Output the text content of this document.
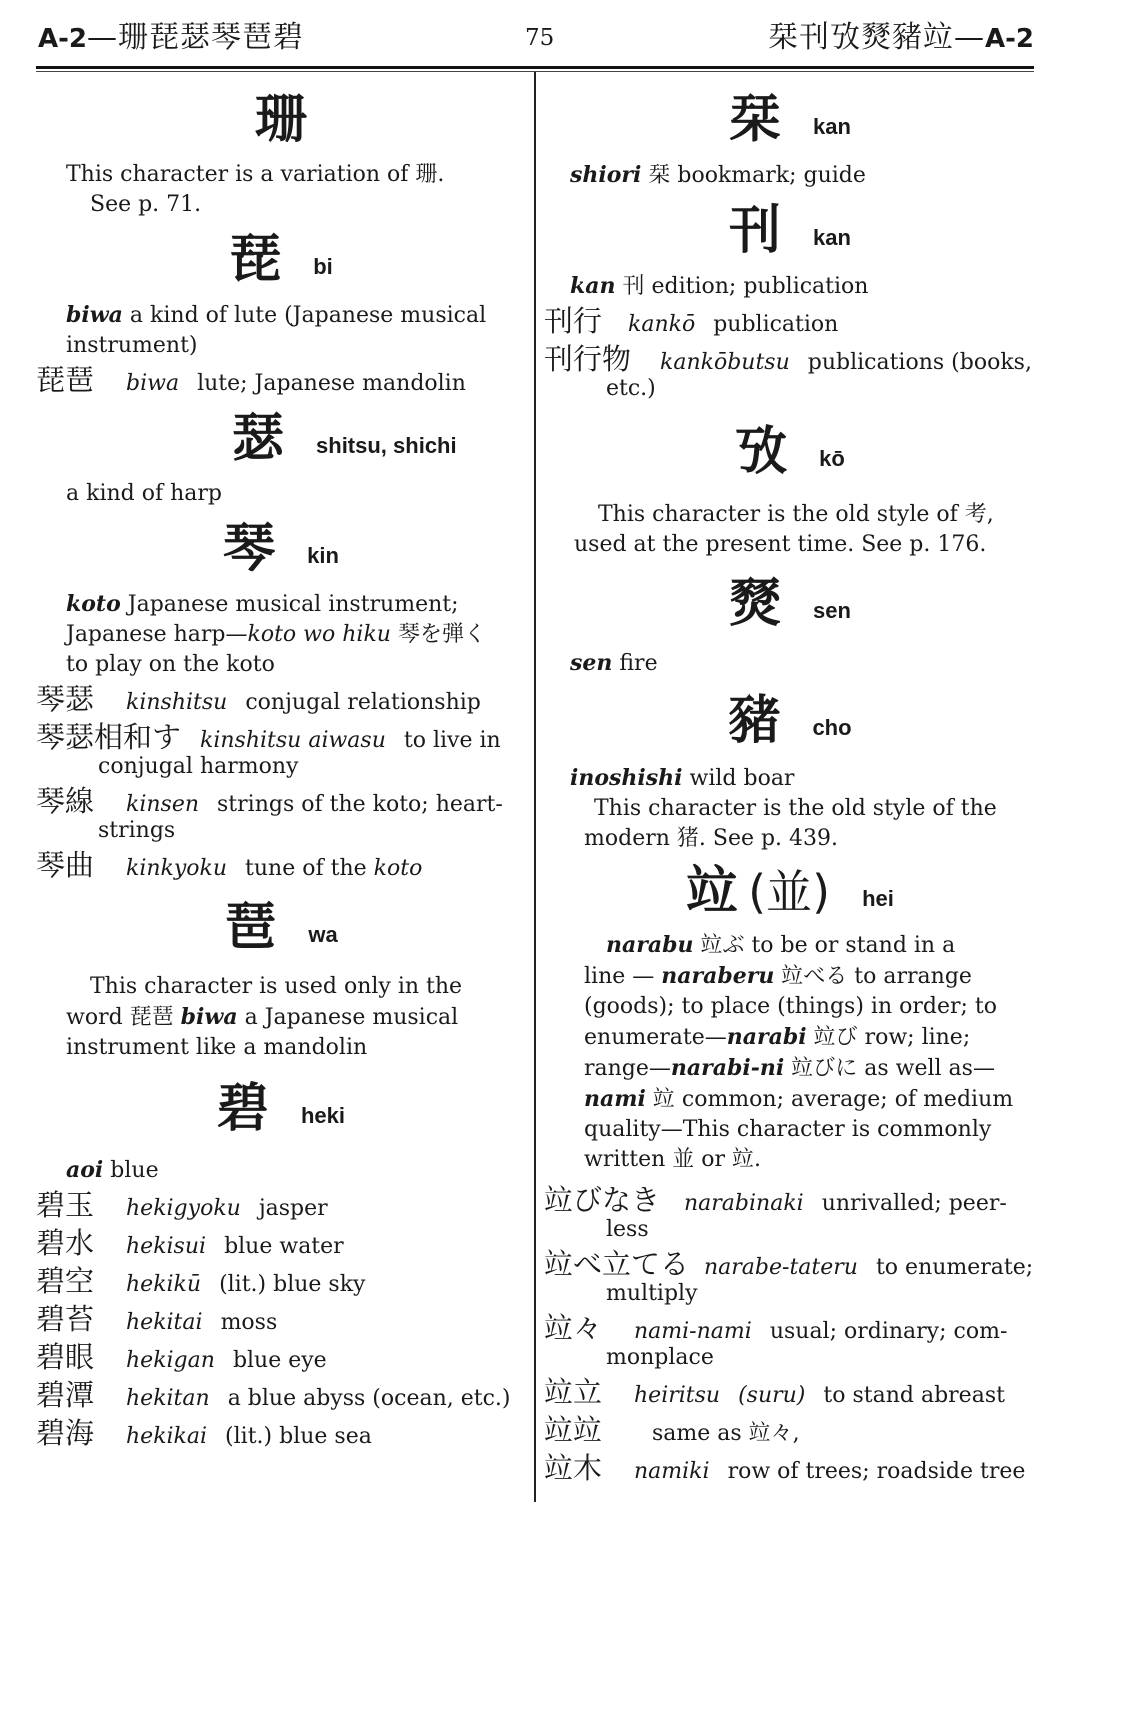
A-2—珊琵瑟琴琶碧	75	栞刊攷燹豬竝—A-2
珊

This character is a variation of 珊.

See p. 71.

琵 bi

biwa a kind of lute (Japanese musical

instrument)

琵琶	biwa lute; Japanese mandolin
瑟 shitsu, shichi

a kind of harp

琴 kin

koto Japanese musical instrument;

Japanese harp—koto wo hiku 琴を弾く

to play on the koto

琴瑟	kinshitsu conjugal relationship
琴瑟相和す kinshitsu aiwasu to live in

conjugal harmony

琴線	kinsen strings of the koto; heart-

strings

琴曲	kinkyoku tune of the koto
琶 wa

This character is used only in the

word 琵琶 biwa a Japanese musical

instrument like a mandolin

碧 heki

aoi blue

碧玉	hekigyoku jasper
碧水	hekisui blue water
碧空	hekikū (lit.) blue sky
碧苔	hekitai moss
碧眼	hekigan blue eye
碧潭	hekitan a blue abyss (ocean, etc.)
碧海	hekikai (lit.) blue sea
栞 kan

shiori 栞 bookmark; guide

刊 kan

kan 刊 edition; publication

刊行	kankō publication
刊行物	kankōbutsu publications (books,

etc.)

攷 kō

This character is the old style of 考,

used at the present time. See p. 176.

燹 sen

sen fire

豬 cho

inoshishi wild boar

This character is the old style of the

modern 猪. See p. 439.

竝 (並) hei

narabu 竝ぶ to be or stand in a

line — naraberu 竝べる to arrange

(goods); to place (things) in order; to

enumerate—narabi 竝び row; line;

range—narabi-ni 竝びに as well as—

nami 竝 common; average; of medium

quality—This character is commonly

written 並 or 竝.

竝びなき	narabinaki unrivalled; peer-

less

竝べ立てる narabe-tateru to enumerate;

multiply

竝々	nami-nami usual; ordinary; com-

monplace

竝立	heiritsu (suru) to stand abreast
竝竝	same as 竝々,
竝木	namiki row of trees; roadside tree
